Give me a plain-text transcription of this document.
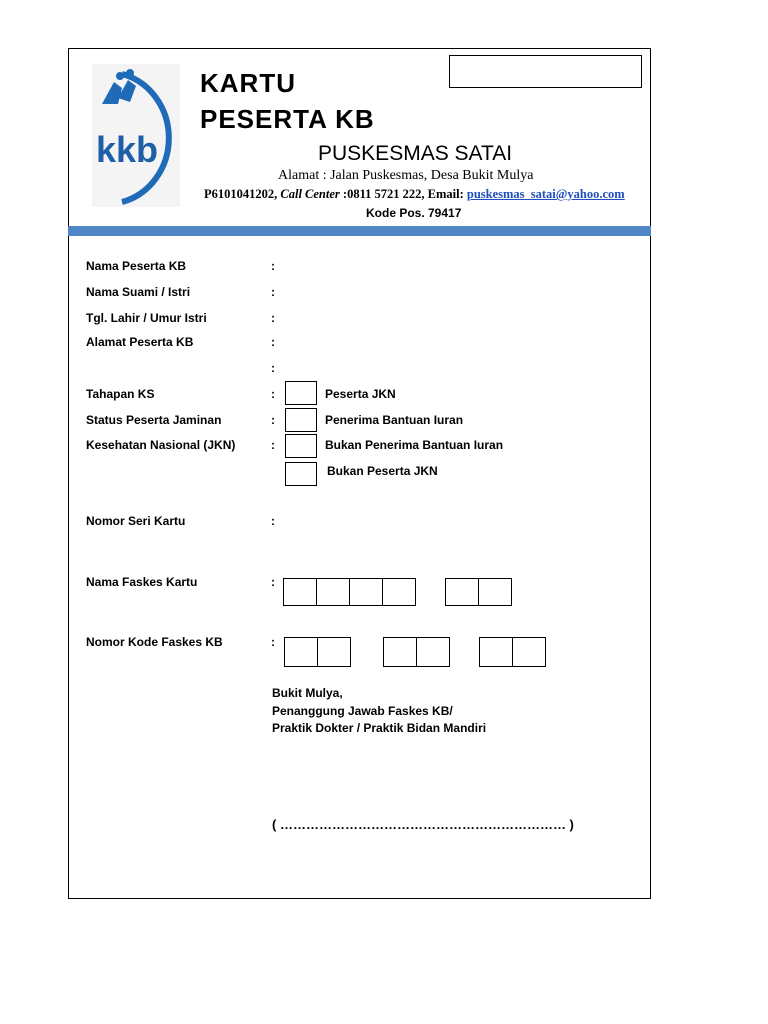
kkb
KARTU
PESERTA KB
PUSKESMAS SATAI
Alamat : Jalan Puskesmas, Desa Bukit Mulya
P6101041202, Call Center :0811 5721 222, Email: puskesmas_satai@yahoo.com
Kode Pos. 79417
Nama Peserta KB	:
Nama Suami / Istri	:
Tgl. Lahir / Umur Istri	:
Alamat Peserta KB	:
:
Tahapan KS	:	Peserta JKN
Status Peserta Jaminan	:	Penerima Bantuan Iuran
Kesehatan Nasional (JKN)	:	Bukan Penerima Bantuan Iuran
Bukan Peserta JKN
Nomor Seri Kartu	:
Nama Faskes Kartu	:
Nomor Kode Faskes KB	:
Bukit Mulya,
Penanggung Jawab Faskes KB/
Praktik Dokter / Praktik Bidan Mandiri
( ………………………………………………………… )
